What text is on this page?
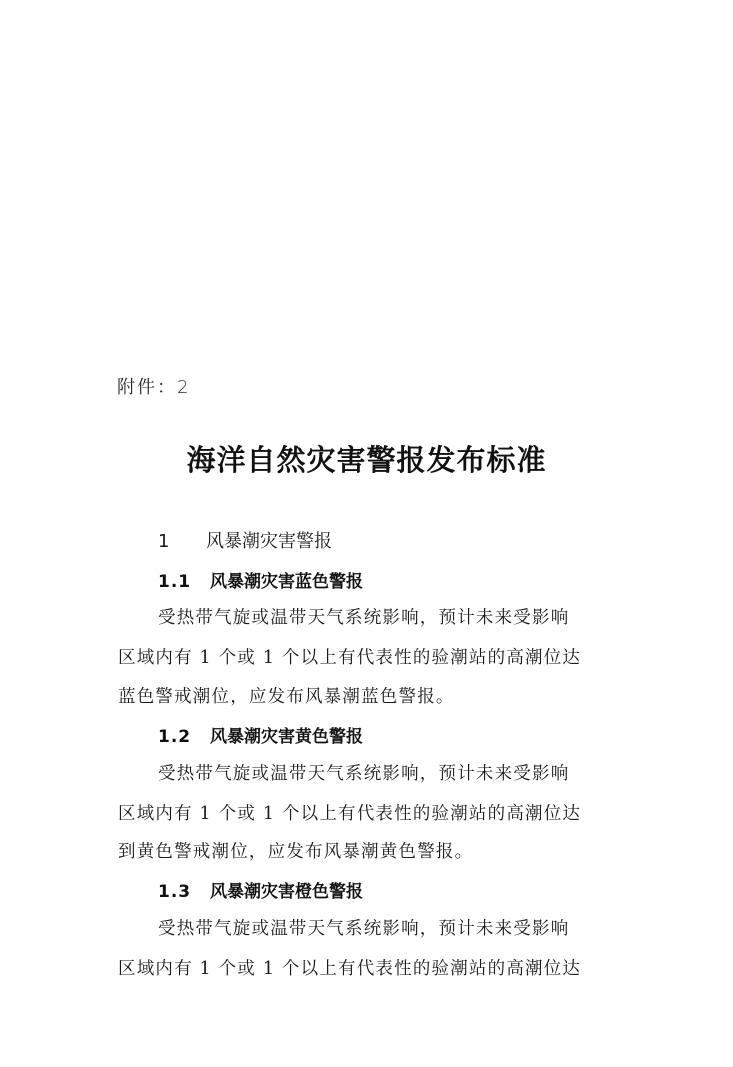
附件：2
海洋自然灾害警报发布标准
1 风暴潮灾害警报
1.1 风暴潮灾害蓝色警报
受热带气旋或温带天气系统影响，预计未来受影响
区域内有 1 个或 1 个以上有代表性的验潮站的高潮位达
蓝色警戒潮位，应发布风暴潮蓝色警报。
1.2 风暴潮灾害黄色警报
受热带气旋或温带天气系统影响，预计未来受影响
区域内有 1 个或 1 个以上有代表性的验潮站的高潮位达
到黄色警戒潮位，应发布风暴潮黄色警报。
1.3 风暴潮灾害橙色警报
受热带气旋或温带天气系统影响，预计未来受影响
区域内有 1 个或 1 个以上有代表性的验潮站的高潮位达
